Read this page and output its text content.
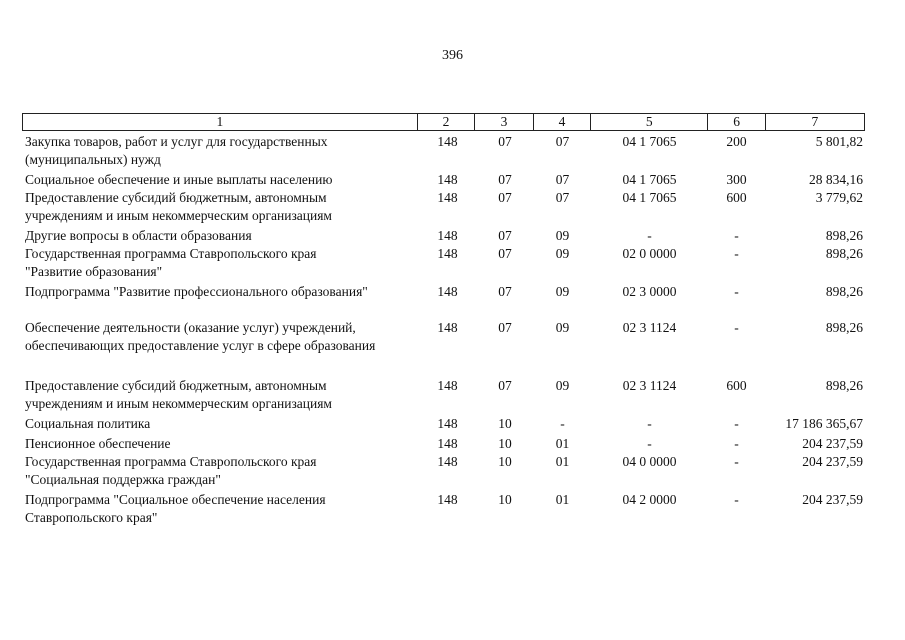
396
1	2	3	4	5	6	7
Закупка товаров, работ и услуг для государственных
(муниципальных) нужд
148	07	07	04 1 7065	200	5 801,82
Социальное обеспечение и иные выплаты населению	148	07	07	04 1 7065	300	28 834,16
Предоставление субсидий бюджетным, автономным
учреждениям и иным некоммерческим организациям
148	07	07	04 1 7065	600	3 779,62
Другие вопросы в области образования	148	07	09	-	-	898,26
Государственная программа Ставропольского края
"Развитие образования"
148	07	09	02 0 0000	-	898,26
Подпрограмма "Развитие профессионального образования"	148	07	09	02 3 0000	-	898,26
Обеспечение деятельности (оказание услуг) учреждений,
обеспечивающих предоставление услуг в сфере образования
148	07	09	02 3 1124	-	898,26
Предоставление субсидий бюджетным, автономным
учреждениям и иным некоммерческим организациям
148	07	09	02 3 1124	600	898,26
Социальная политика	148	10	-	-	-	17 186 365,67
Пенсионное обеспечение	148	10	01	-	-	204 237,59
Государственная программа Ставропольского края
"Социальная поддержка граждан"
148	10	01	04 0 0000	-	204 237,59
Подпрограмма "Социальное обеспечение населения
Ставропольского края"
148	10	01	04 2 0000	-	204 237,59
